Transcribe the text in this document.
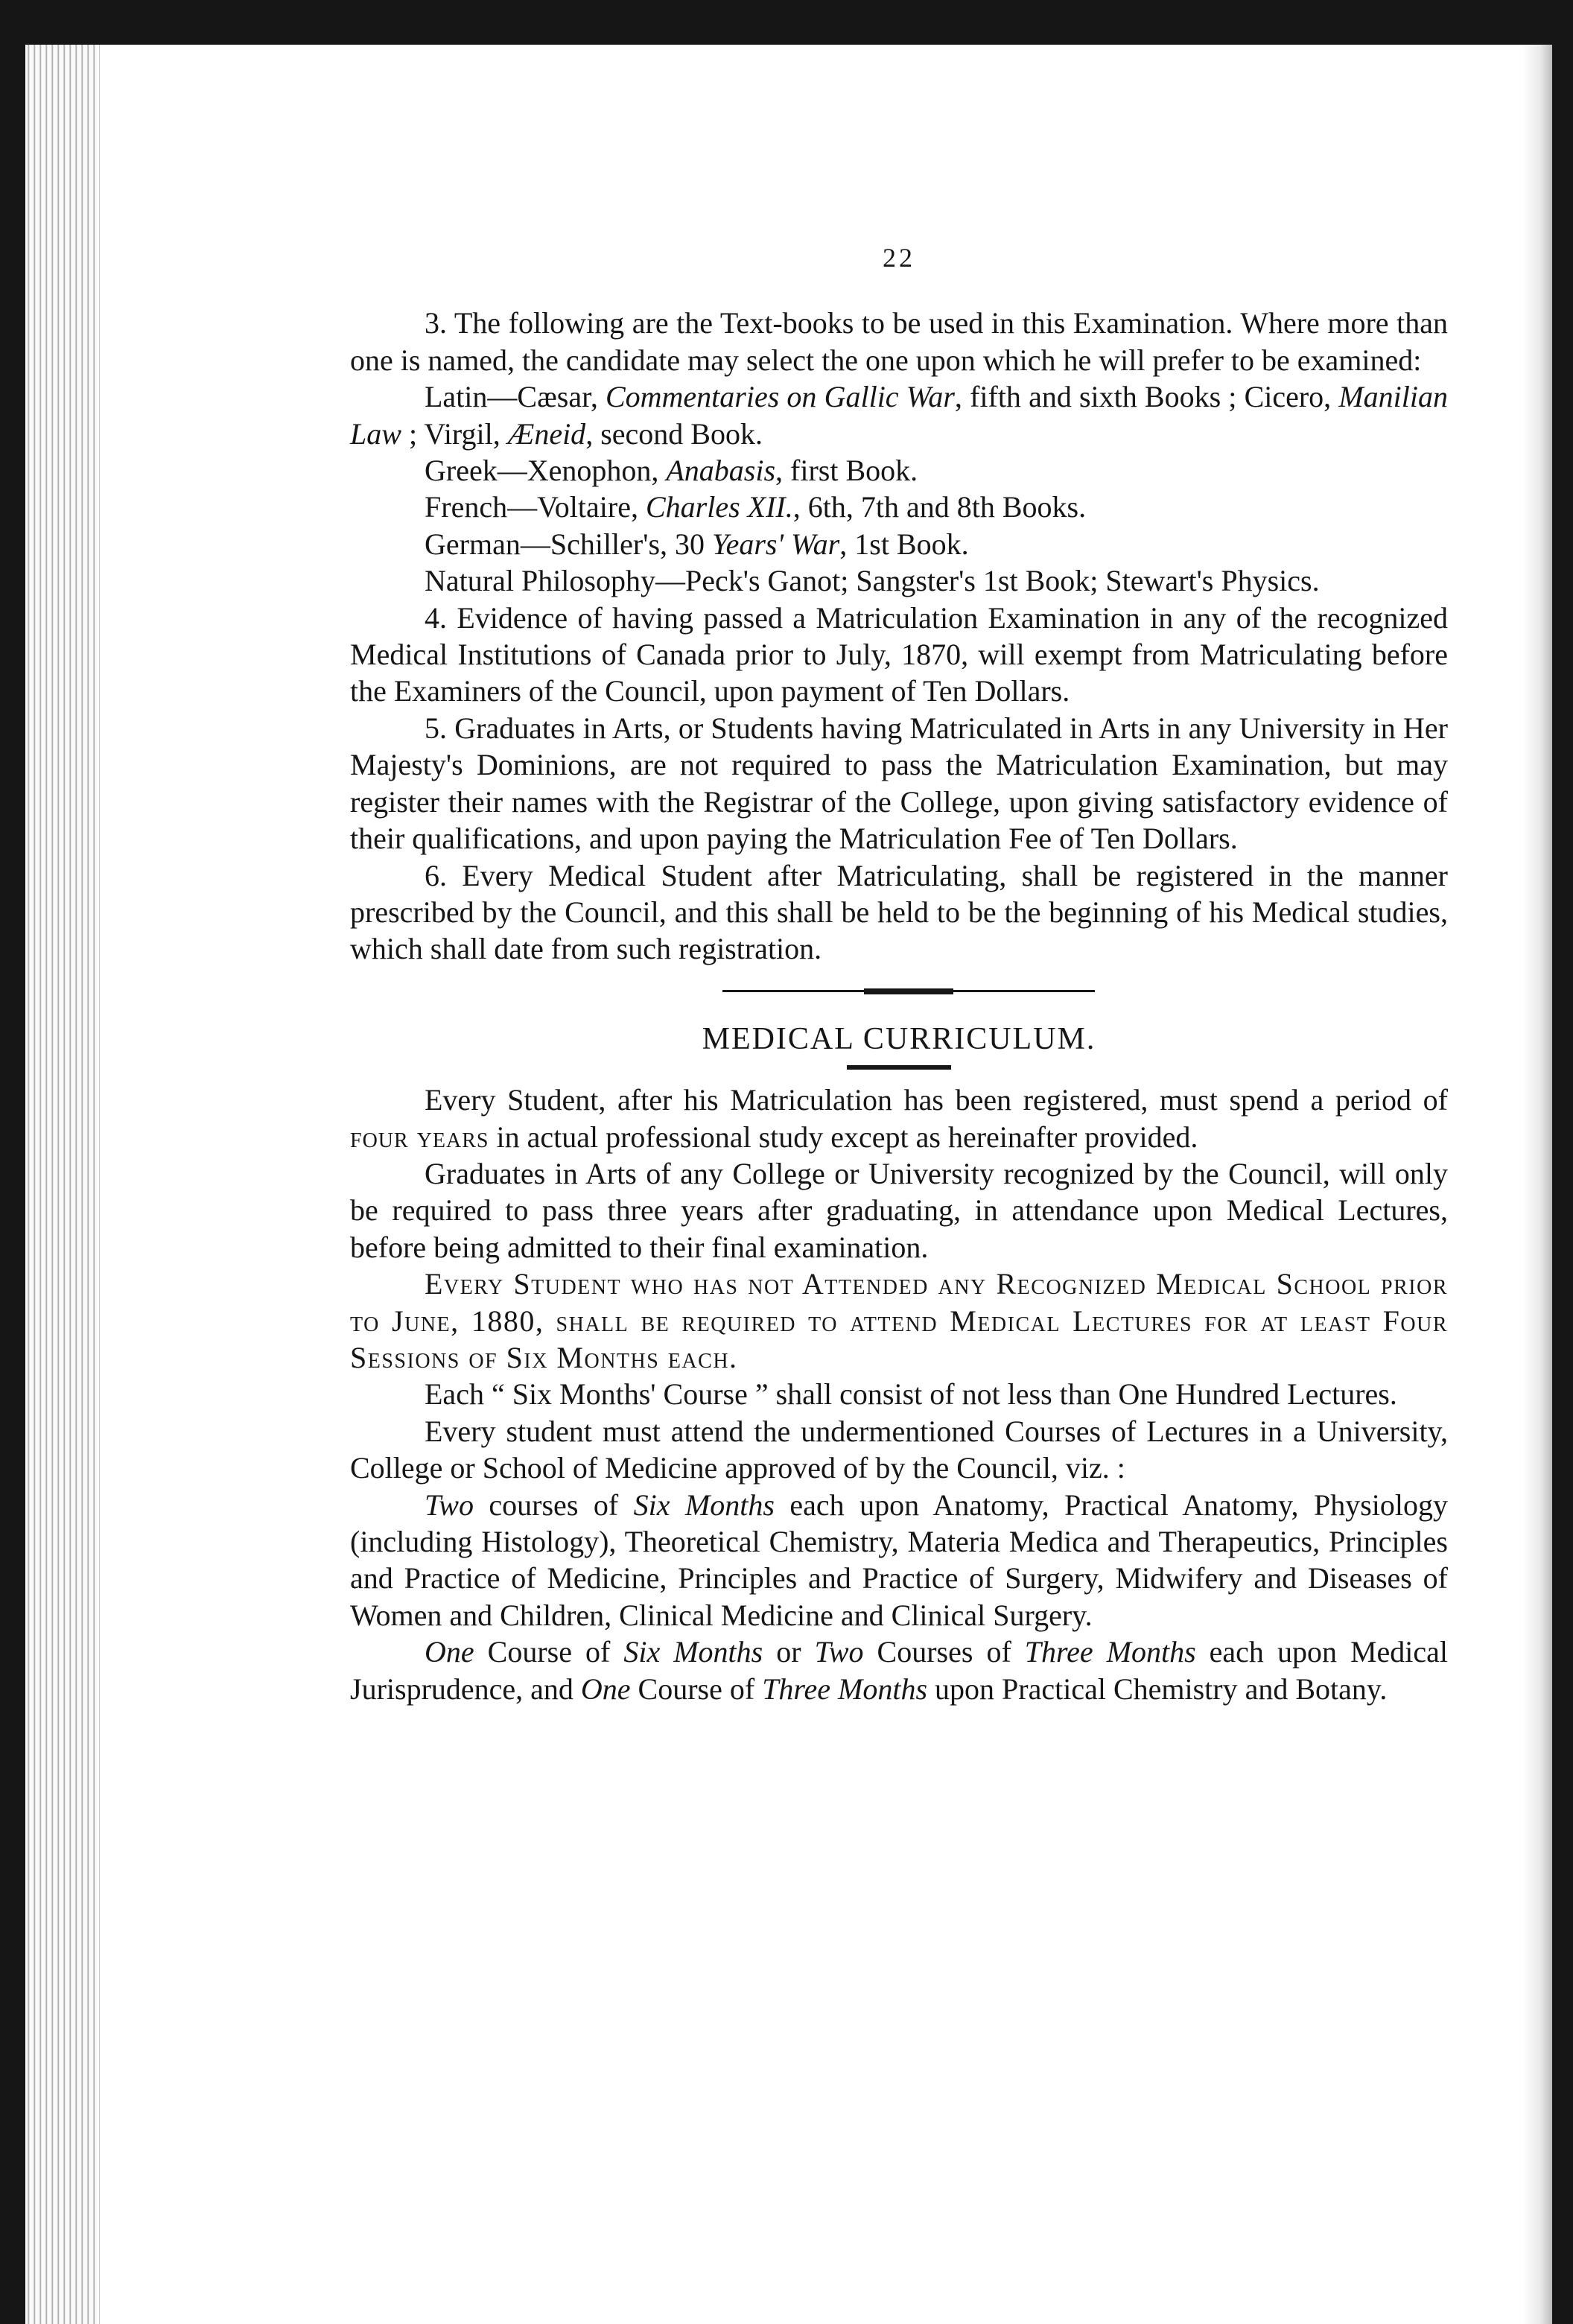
22

3. The following are the Text-books to be used in this Examination. Where more than one is named, the candidate may select the one upon which he will prefer to be examined:

Latin—Cæsar, Commentaries on Gallic War, fifth and sixth Books ; Cicero, Manilian Law ; Virgil, Æneid, second Book.

Greek—Xenophon, Anabasis, first Book.

French—Voltaire, Charles XII., 6th, 7th and 8th Books.

German—Schiller's, 30 Years' War, 1st Book.

Natural Philosophy—Peck's Ganot; Sangster's 1st Book; Stewart's Physics.

4. Evidence of having passed a Matriculation Examination in any of the recognized Medical Institutions of Canada prior to July, 1870, will exempt from Matriculating before the Examiners of the Council, upon payment of Ten Dollars.

5. Graduates in Arts, or Students having Matriculated in Arts in any University in Her Majesty's Dominions, are not required to pass the Matriculation Examination, but may register their names with the Registrar of the College, upon giving satisfactory evidence of their qualifications, and upon paying the Matriculation Fee of Ten Dollars.

6. Every Medical Student after Matriculating, shall be registered in the manner prescribed by the Council, and this shall be held to be the beginning of his Medical studies, which shall date from such registration.

MEDICAL CURRICULUM.

Every Student, after his Matriculation has been registered, must spend a period of four years in actual professional study except as hereinafter provided.

Graduates in Arts of any College or University recognized by the Council, will only be required to pass three years after graduating, in attendance upon Medical Lectures, before being admitted to their final examination.

Every Student who has not Attended any Recognized Medical School prior to June, 1880, shall be required to attend Medical Lectures for at least Four Sessions of Six Months each.

Each “ Six Months' Course ” shall consist of not less than One Hundred Lectures.

Every student must attend the undermentioned Courses of Lectures in a University, College or School of Medicine approved of by the Council, viz. :

Two courses of Six Months each upon Anatomy, Practical Anatomy, Physiology (including Histology), Theoretical Chemistry, Materia Medica and Therapeutics, Principles and Practice of Medicine, Principles and Practice of Surgery, Midwifery and Diseases of Women and Children, Clinical Medicine and Clinical Surgery.

One Course of Six Months or Two Courses of Three Months each upon Medical Jurisprudence, and One Course of Three Months upon Practical Chemistry and Botany.
